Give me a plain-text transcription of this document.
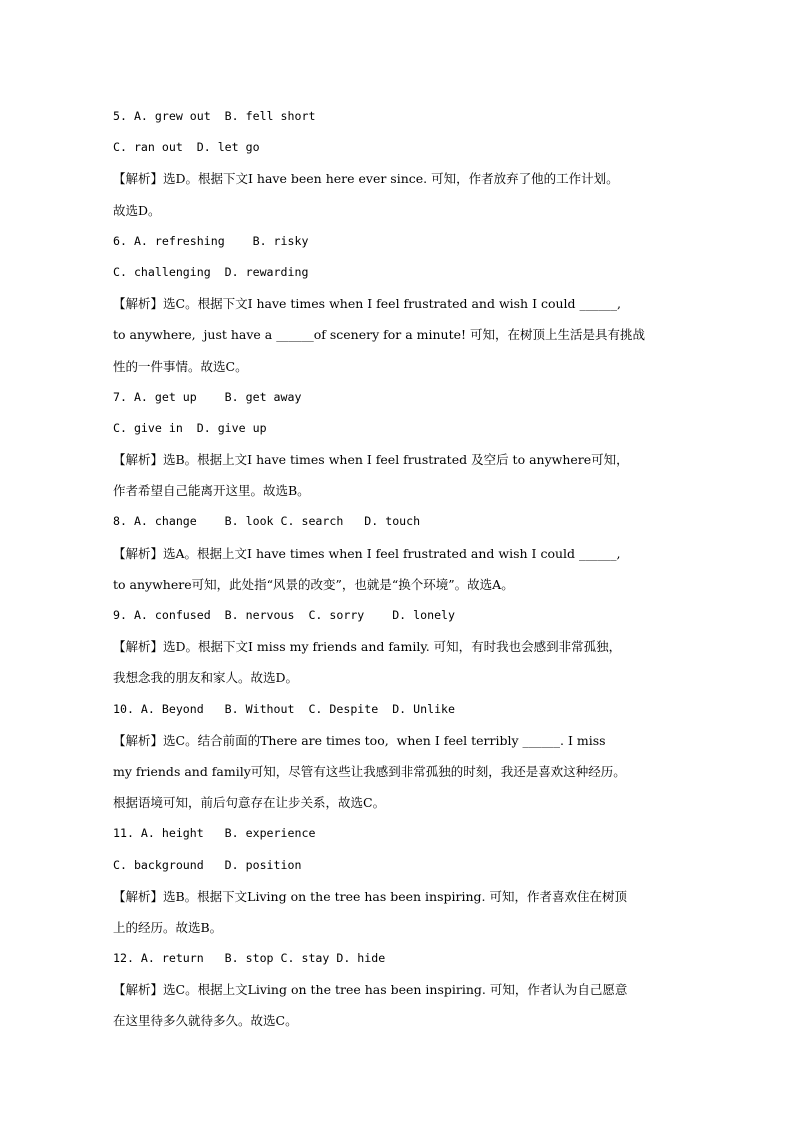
5. A. grew out  B. fell short
C. ran out  D. let go
【解析】选D。根据下文I have been here ever since. 可知，作者放弃了他的工作计划。
故选D。
6. A. refreshing    B. risky
C. challenging  D. rewarding
【解析】选C。根据下文I have times when I feel frustrated and wish I could ______,
to anywhere,  just have a ______of scenery for a minute! 可知，在树顶上生活是具有挑战
性的一件事情。故选C。
7. A. get up    B. get away
C. give in  D. give up
【解析】选B。根据上文I have times when I feel frustrated 及空后 to anywhere可知，
作者希望自己能离开这里。故选B。
8. A. change    B. look C. search   D. touch
【解析】选A。根据上文I have times when I feel frustrated and wish I could ______,
to anywhere可知，此处指“风景的改变”，也就是“换个环境”。故选A。
9. A. confused  B. nervous  C. sorry    D. lonely
【解析】选D。根据下文I miss my friends and family. 可知，有时我也会感到非常孤独，
我想念我的朋友和家人。故选D。
10. A. Beyond   B. Without  C. Despite  D. Unlike
【解析】选C。结合前面的There are times too,  when I feel terribly ______. I miss
my friends and family可知，尽管有这些让我感到非常孤独的时刻，我还是喜欢这种经历。
根据语境可知，前后句意存在让步关系，故选C。
11. A. height   B. experience
C. background   D. position
【解析】选B。根据下文Living on the tree has been inspiring. 可知，作者喜欢住在树顶
上的经历。故选B。
12. A. return   B. stop C. stay D. hide
【解析】选C。根据上文Living on the tree has been inspiring. 可知，作者认为自己愿意
在这里待多久就待多久。故选C。
